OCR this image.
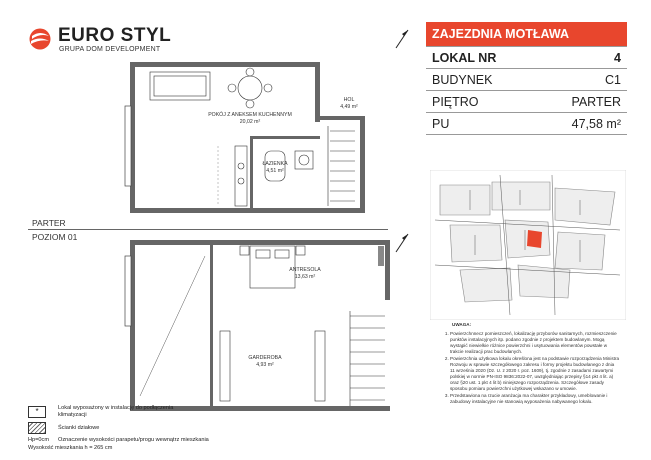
EURO STYL
GRUPA DOM DEVELOPMENT
ZAJEZDNIA MOTŁAWA
LOKAL NR	4
BUDYNEK	C1
PIĘTRO	PARTER
PU	47,58 m²
UWAGA:
1. Powierzchnnecz pomieszczeń, lokalizację przyborów sanitarnych, rozmieszczenie punktów instalacyjnych itp. podano zgodnie z projektem budowlanym. Mogą wystąpić niewielkie różnice powierzchni i usytuowania elementów powstałe w trakcie realizacji prac budowlanych.
2. Powierzchnia użytkowa lokalu określona jest na podstawie rozporządzenia Ministra Rozwoju w sprawie szczegółowego zakresu i formy projektu budowlanego z dnia 11 września 2020 (Dz. U. z 2020 r. poz. 1609), tj. zgodnie z zasadami zawartymi polskiej w normie PN-ISO 9836:2022-07, uwzględniając przepisy §14 pkt 4 lit. a) oraz §20 ust. 1 pkt 4 lit b) niniejszego rozporządzenia. Szczegółowe zasady sposobu pomiaru powierzchni użytkowej wskazano w umowie.
3. Przedstawiona na rzucie aranżacja ma charakter przykładowy, umeblowanie i zabudowy instalacyjne nie stanowią wyposażenia nabywanego lokalu.
PARTER
POZIOM 01
POKÓJ Z ANEKSEM KUCHENNYM
20,02 m²
HOL
4,49 m²
ŁAZIENKA
4,51 m²
ANTRESOLA
13,63 m²
GARDEROBA
4,93 m²
*	Lokal wyposażony w instalację do podłączenia klimatyzacji
Ścianki działowe
Hp=0cm Oznaczenie wysokości parapetu/progu wewnątrz mieszkania
Wysokość mieszkania h = 265 cm
